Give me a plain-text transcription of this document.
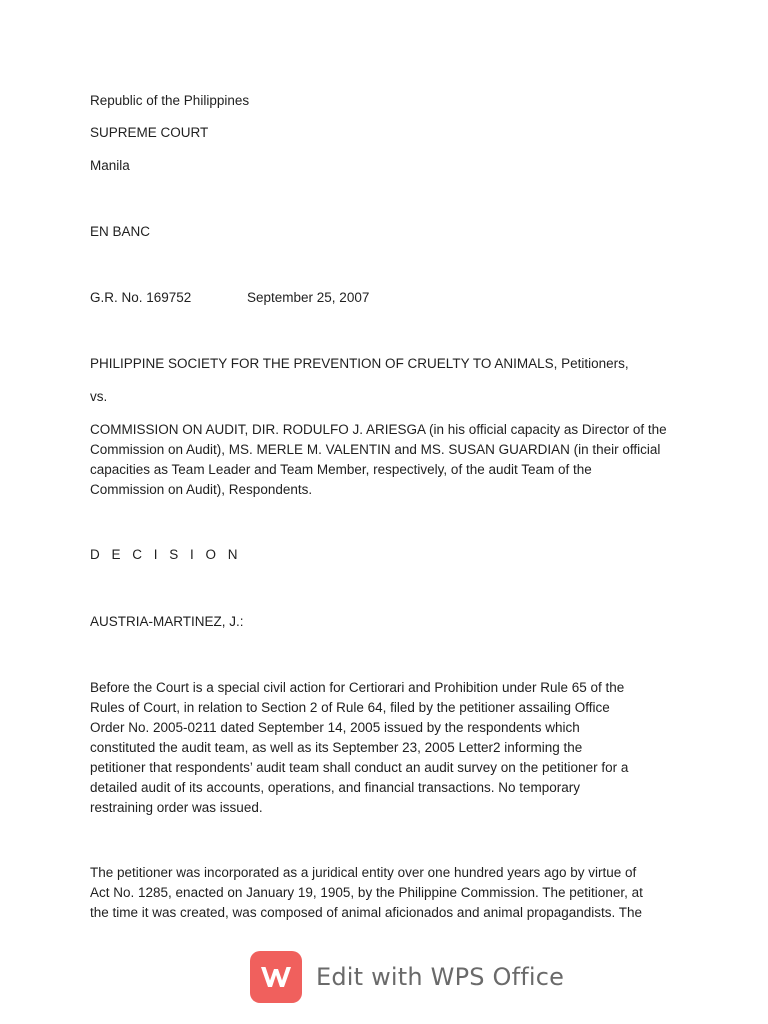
Republic of the Philippines
SUPREME COURT
Manila
EN BANC
G.R. No. 169752	September 25, 2007
PHILIPPINE SOCIETY FOR THE PREVENTION OF CRUELTY TO ANIMALS, Petitioners,
vs.
COMMISSION ON AUDIT, DIR. RODULFO J. ARIESGA (in his official capacity as Director of the
Commission on Audit), MS. MERLE M. VALENTIN and MS. SUSAN GUARDIAN (in their official
capacities as Team Leader and Team Member, respectively, of the audit Team of the
Commission on Audit), Respondents.
D E C I S I O N
AUSTRIA-MARTINEZ, J.:
Before the Court is a special civil action for Certiorari and Prohibition under Rule 65 of the
Rules of Court, in relation to Section 2 of Rule 64, filed by the petitioner assailing Office
Order No. 2005-0211 dated September 14, 2005 issued by the respondents which
constituted the audit team, as well as its September 23, 2005 Letter2 informing the
petitioner that respondents’ audit team shall conduct an audit survey on the petitioner for a
detailed audit of its accounts, operations, and financial transactions. No temporary
restraining order was issued.
The petitioner was incorporated as a juridical entity over one hundred years ago by virtue of
Act No. 1285, enacted on January 19, 1905, by the Philippine Commission. The petitioner, at
the time it was created, was composed of animal aficionados and animal propagandists. The
Edit with WPS Office
